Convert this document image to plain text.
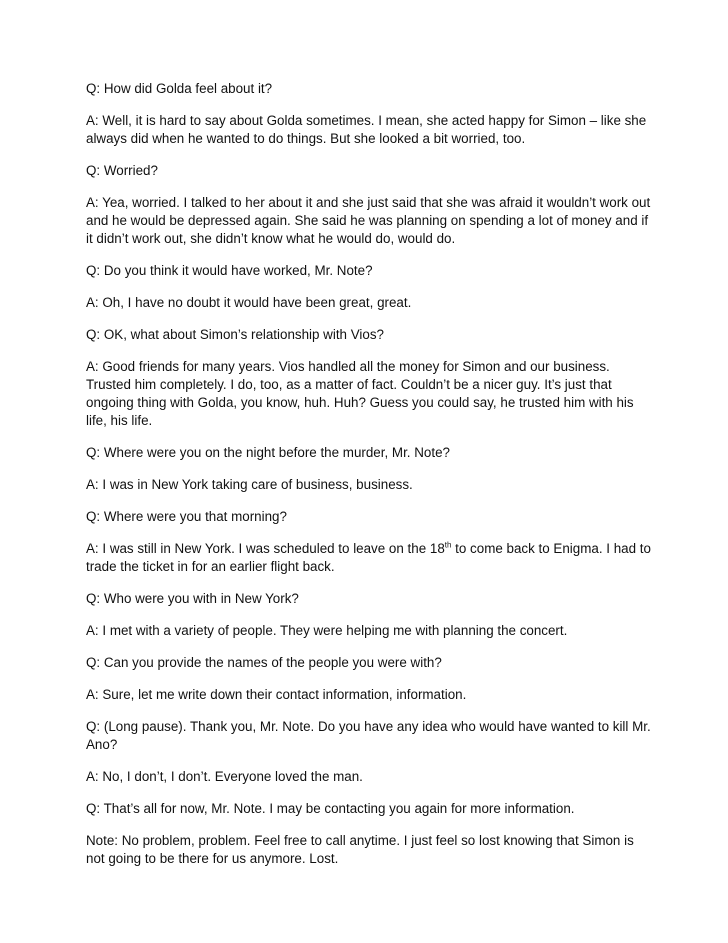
Q: How did Golda feel about it?

A: Well, it is hard to say about Golda sometimes. I mean, she acted happy for Simon – like she always did when he wanted to do things. But she looked a bit worried, too.

Q: Worried?

A: Yea, worried. I talked to her about it and she just said that she was afraid it wouldn’t work out and he would be depressed again. She said he was planning on spending a lot of money and if it didn’t work out, she didn’t know what he would do, would do.

Q: Do you think it would have worked, Mr. Note?

A: Oh, I have no doubt it would have been great, great.

Q: OK, what about Simon’s relationship with Vios?

A: Good friends for many years. Vios handled all the money for Simon and our business. Trusted him completely. I do, too, as a matter of fact. Couldn’t be a nicer guy. It’s just that ongoing thing with Golda, you know, huh. Huh? Guess you could say, he trusted him with his life, his life.

Q: Where were you on the night before the murder, Mr. Note?

A: I was in New York taking care of business, business.

Q: Where were you that morning?

A: I was still in New York. I was scheduled to leave on the 18th to come back to Enigma. I had to trade the ticket in for an earlier flight back.

Q: Who were you with in New York?

A: I met with a variety of people. They were helping me with planning the concert.

Q: Can you provide the names of the people you were with?

A: Sure, let me write down their contact information, information.

Q: (Long pause). Thank you, Mr. Note. Do you have any idea who would have wanted to kill Mr. Ano?

A: No, I don’t, I don’t. Everyone loved the man.

Q: That’s all for now, Mr. Note. I may be contacting you again for more information.

Note: No problem, problem. Feel free to call anytime. I just feel so lost knowing that Simon is not going to be there for us anymore. Lost.
